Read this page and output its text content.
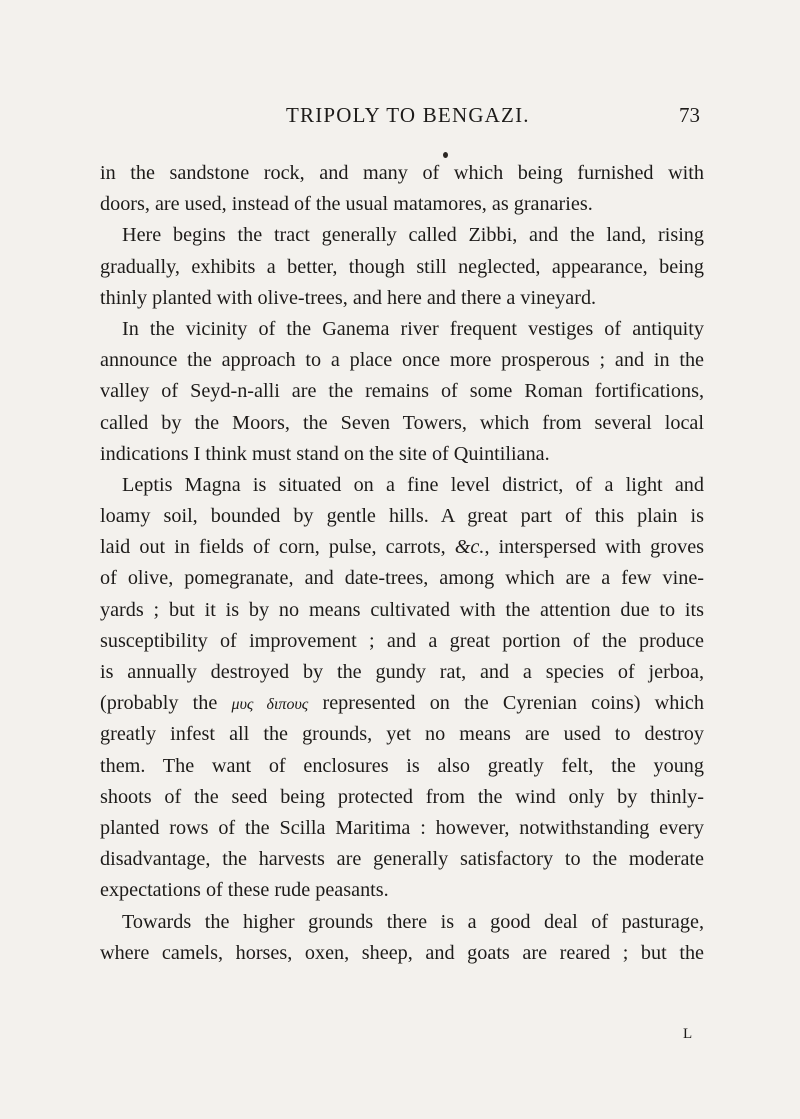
TRIPOLY TO BENGAZI.	73
in the sandstone rock, and many of which being furnished with
doors, are used, instead of the usual matamores, as granaries.
Here begins the tract generally called Zibbi, and the land, rising
gradually, exhibits a better, though still neglected, appearance, being
thinly planted with olive-trees, and here and there a vineyard.
In the vicinity of the Ganema river frequent vestiges of antiquity
announce the approach to a place once more prosperous ; and in the
valley of Seyd-n-alli are the remains of some Roman fortifications,
called by the Moors, the Seven Towers, which from several local
indications I think must stand on the site of Quintiliana.
Leptis Magna is situated on a fine level district, of a light and
loamy soil, bounded by gentle hills. A great part of this plain is
laid out in fields of corn, pulse, carrots, &c., interspersed with groves
of olive, pomegranate, and date-trees, among which are a few vine-
yards ; but it is by no means cultivated with the attention due to its
susceptibility of improvement ; and a great portion of the produce
is annually destroyed by the gundy rat, and a species of jerboa,
(probably the μυς διπους represented on the Cyrenian coins) which
greatly infest all the grounds, yet no means are used to destroy
them. The want of enclosures is also greatly felt, the young
shoots of the seed being protected from the wind only by thinly-
planted rows of the Scilla Maritima : however, notwithstanding every
disadvantage, the harvests are generally satisfactory to the moderate
expectations of these rude peasants.
Towards the higher grounds there is a good deal of pasturage,
where camels, horses, oxen, sheep, and goats are reared ; but the
L
